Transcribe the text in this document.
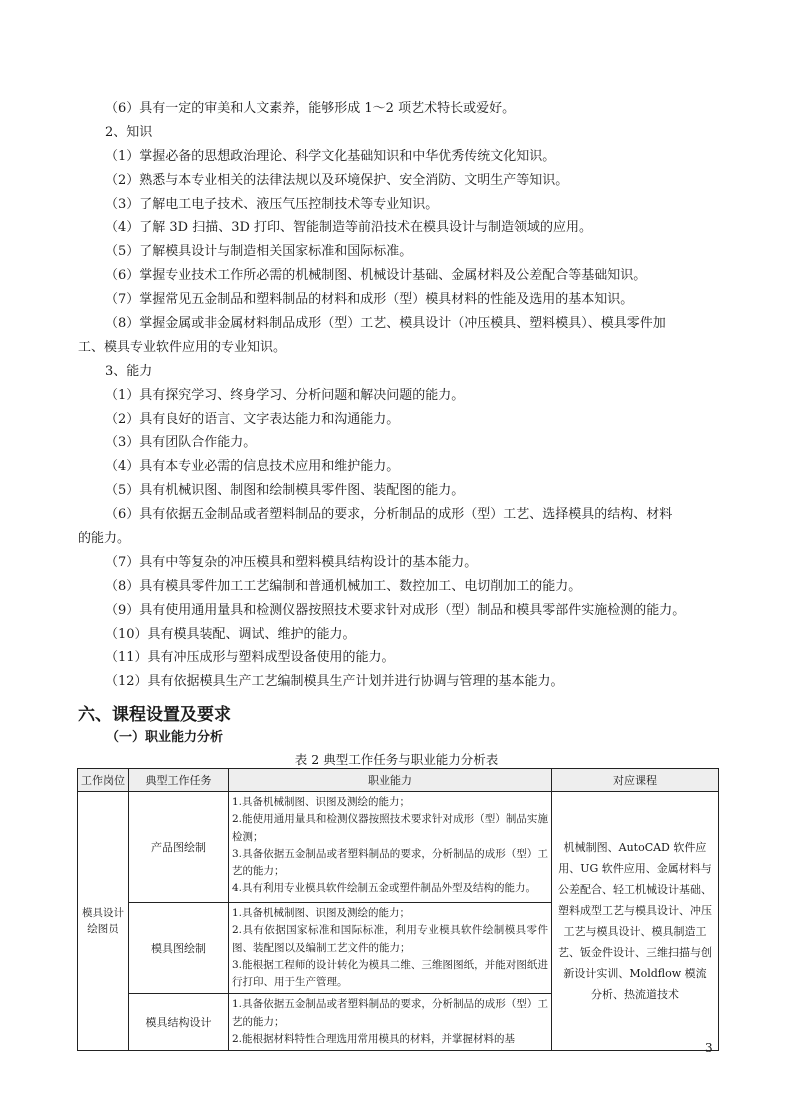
（6）具有一定的审美和人文素养，能够形成 1～2 项艺术特长或爱好。
2、知识
（1）掌握必备的思想政治理论、科学文化基础知识和中华优秀传统文化知识。
（2）熟悉与本专业相关的法律法规以及环境保护、安全消防、文明生产等知识。
（3）了解电工电子技术、液压气压控制技术等专业知识。
（4）了解 3D 扫描、3D 打印、智能制造等前沿技术在模具设计与制造领域的应用。
（5）了解模具设计与制造相关国家标准和国际标准。
（6）掌握专业技术工作所必需的机械制图、机械设计基础、金属材料及公差配合等基础知识。
（7）掌握常见五金制品和塑料制品的材料和成形（型）模具材料的性能及选用的基本知识。
（8）掌握金属或非金属材料制品成形（型）工艺、模具设计（冲压模具、塑料模具）、模具零件加
工、模具专业软件应用的专业知识。
3、能力
（1）具有探究学习、终身学习、分析问题和解决问题的能力。
（2）具有良好的语言、文字表达能力和沟通能力。
（3）具有团队合作能力。
（4）具有本专业必需的信息技术应用和维护能力。
（5）具有机械识图、制图和绘制模具零件图、装配图的能力。
（6）具有依据五金制品或者塑料制品的要求，分析制品的成形（型）工艺、选择模具的结构、材料
的能力。
（7）具有中等复杂的冲压模具和塑料模具结构设计的基本能力。
（8）具有模具零件加工工艺编制和普通机械加工、数控加工、电切削加工的能力。
（9）具有使用通用量具和检测仪器按照技术要求针对成形（型）制品和模具零部件实施检测的能力。
（10）具有模具装配、调试、维护的能力。
（11）具有冲压成形与塑料成型设备使用的能力。
（12）具有依据模具生产工艺编制模具生产计划并进行协调与管理的基本能力。
六、课程设置及要求
（一）职业能力分析
表 2 典型工作任务与职业能力分析表
工作岗位	典型工作任务	职业能力	对应课程
模具设计绘图员	产品图绘制	1.具备机械制图、识图及测绘的能力；
2.能使用通用量具和检测仪器按照技术要求针对成形（型）制品实施检测；
3.具备依据五金制品或者塑料制品的要求，分析制品的成形（型）工艺的能力；
4.具有利用专业模具软件绘制五金或塑件制品外型及结构的能力。	机械制图、AutoCAD 软件应用、UG 软件应用、金属材料与公差配合、轻工机械设计基础、塑料成型工艺与模具设计、冲压工艺与模具设计、模具制造工艺、钣金件设计、三维扫描与创新设计实训、Moldflow 模流分析、热流道技术
	模具图绘制	1.具备机械制图、识图及测绘的能力；
2.具有依据国家标准和国际标准，利用专业模具软件绘制模具零件图、装配图以及编制工艺文件的能力；
3.能根据工程师的设计转化为模具二维、三维图图纸，并能对图纸进行打印、用于生产管理。	

	模具结构设计	1.具备依据五金制品或者塑料制品的要求，分析制品的成形（型）工艺的能力；
2.能根据材料特性合理选用常用模具的材料，并掌握材料的基	
3
